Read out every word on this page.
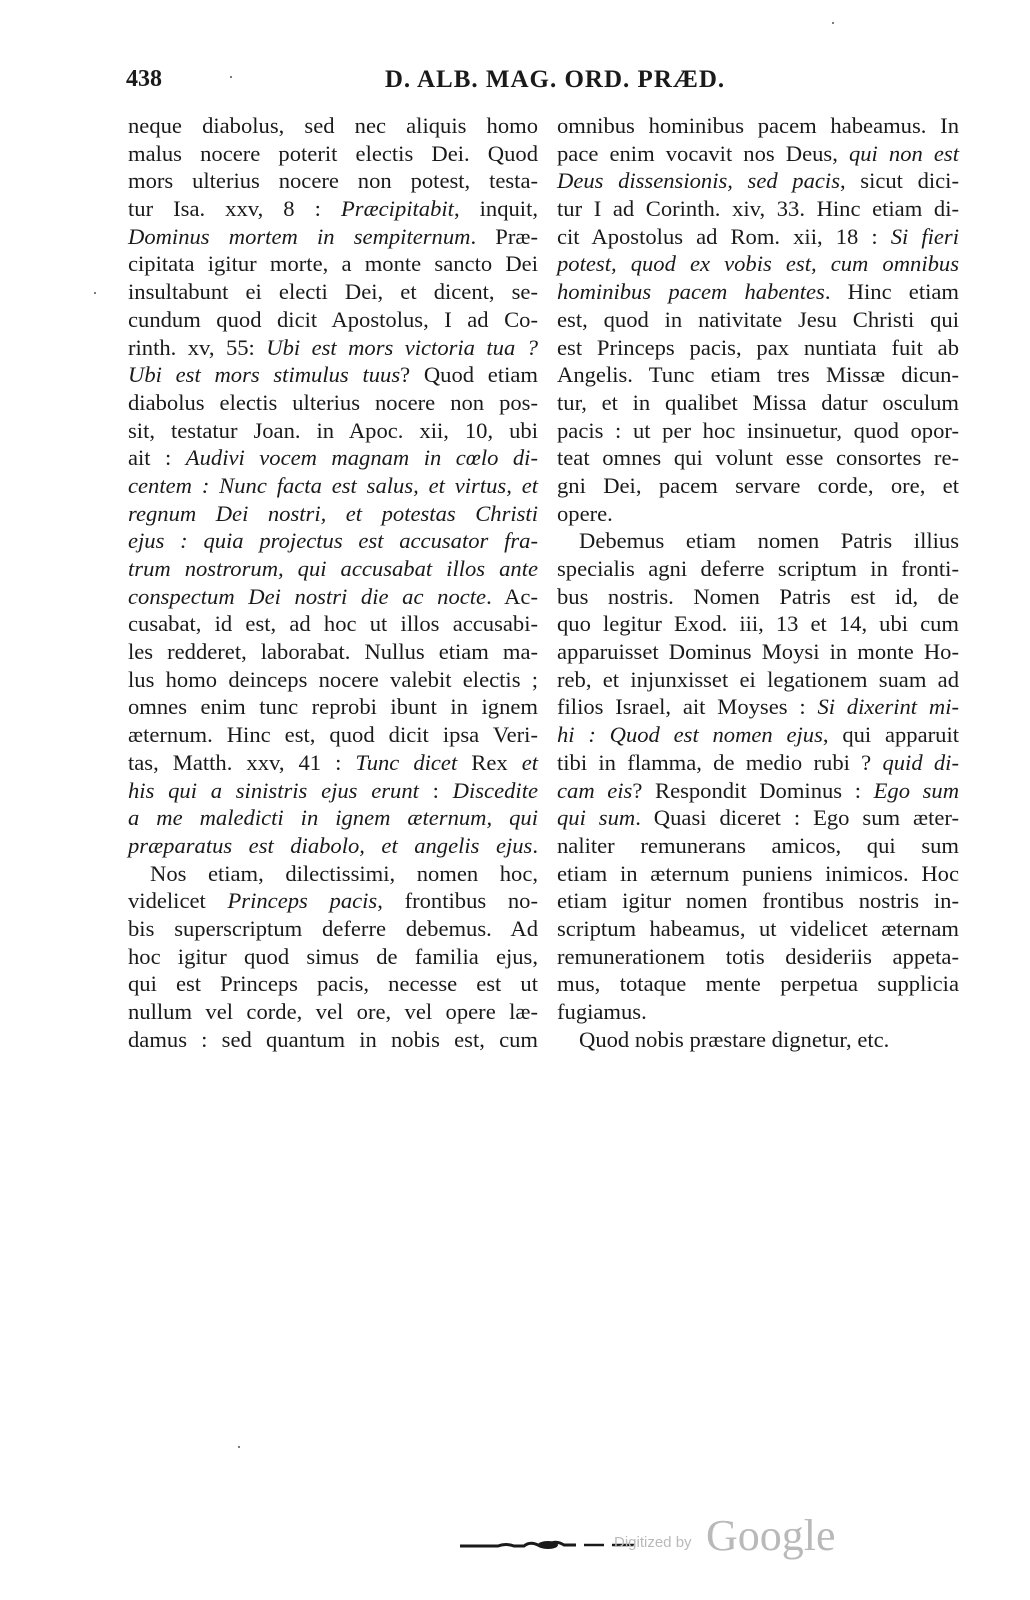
438	D. ALB. MAG. ORD. PRÆD.
neque diabolus, sed nec aliquis homo
malus nocere poterit electis Dei. Quod
mors ulterius nocere non potest, testa-
tur Isa. xxv, 8 : Præcipitabit, inquit,
Dominus mortem in sempiternum. Præ-
cipitata igitur morte, a monte sancto Dei
insultabunt ei electi Dei, et dicent, se-
cundum quod dicit Apostolus, I ad Co-
rinth. xv, 55: Ubi est mors victoria tua ?
Ubi est mors stimulus tuus? Quod etiam
diabolus electis ulterius nocere non pos-
sit, testatur Joan. in Apoc. xii, 10, ubi
ait : Audivi vocem magnam in cœlo di-
centem : Nunc facta est salus, et virtus, et
regnum Dei nostri, et potestas Christi
ejus : quia projectus est accusator fra-
trum nostrorum, qui accusabat illos ante
conspectum Dei nostri die ac nocte. Ac-
cusabat, id est, ad hoc ut illos accusabi-
les redderet, laborabat. Nullus etiam ma-
lus homo deinceps nocere valebit electis ;
omnes enim tunc reprobi ibunt in ignem
æternum. Hinc est, quod dicit ipsa Veri-
tas, Matth. xxv, 41 : Tunc dicet Rex et
his qui a sinistris ejus erunt : Discedite
a me maledicti in ignem æternum, qui
præparatus est diabolo, et angelis ejus.
Nos etiam, dilectissimi, nomen hoc,
videlicet Princeps pacis, frontibus no-
bis superscriptum deferre debemus. Ad
hoc igitur quod simus de familia ejus,
qui est Princeps pacis, necesse est ut
nullum vel corde, vel ore, vel opere læ-
damus : sed quantum in nobis est, cum
omnibus hominibus pacem habeamus. In
pace enim vocavit nos Deus, qui non est
Deus dissensionis, sed pacis, sicut dici-
tur I ad Corinth. xiv, 33. Hinc etiam di-
cit Apostolus ad Rom. xii, 18 : Si fieri
potest, quod ex vobis est, cum omnibus
hominibus pacem habentes. Hinc etiam
est, quod in nativitate Jesu Christi qui
est Princeps pacis, pax nuntiata fuit ab
Angelis. Tunc etiam tres Missæ dicun-
tur, et in qualibet Missa datur osculum
pacis : ut per hoc insinuetur, quod opor-
teat omnes qui volunt esse consortes re-
gni Dei, pacem servare corde, ore, et
opere.
Debemus etiam nomen Patris illius
specialis agni deferre scriptum in fronti-
bus nostris. Nomen Patris est id, de
quo legitur Exod. iii, 13 et 14, ubi cum
apparuisset Dominus Moysi in monte Ho-
reb, et injunxisset ei legationem suam ad
filios Israel, ait Moyses : Si dixerint mi-
hi : Quod est nomen ejus, qui apparuit
tibi in flamma, de medio rubi ? quid di-
cam eis? Respondit Dominus : Ego sum
qui sum. Quasi diceret : Ego sum æter-
naliter remunerans amicos, qui sum
etiam in æternum puniens inimicos. Hoc
etiam igitur nomen frontibus nostris in-
scriptum habeamus, ut videlicet æternam
remunerationem totis desideriis appeta-
mus, totaque mente perpetua supplicia
fugiamus.
Quod nobis præstare dignetur, etc.
Digitized by Google
